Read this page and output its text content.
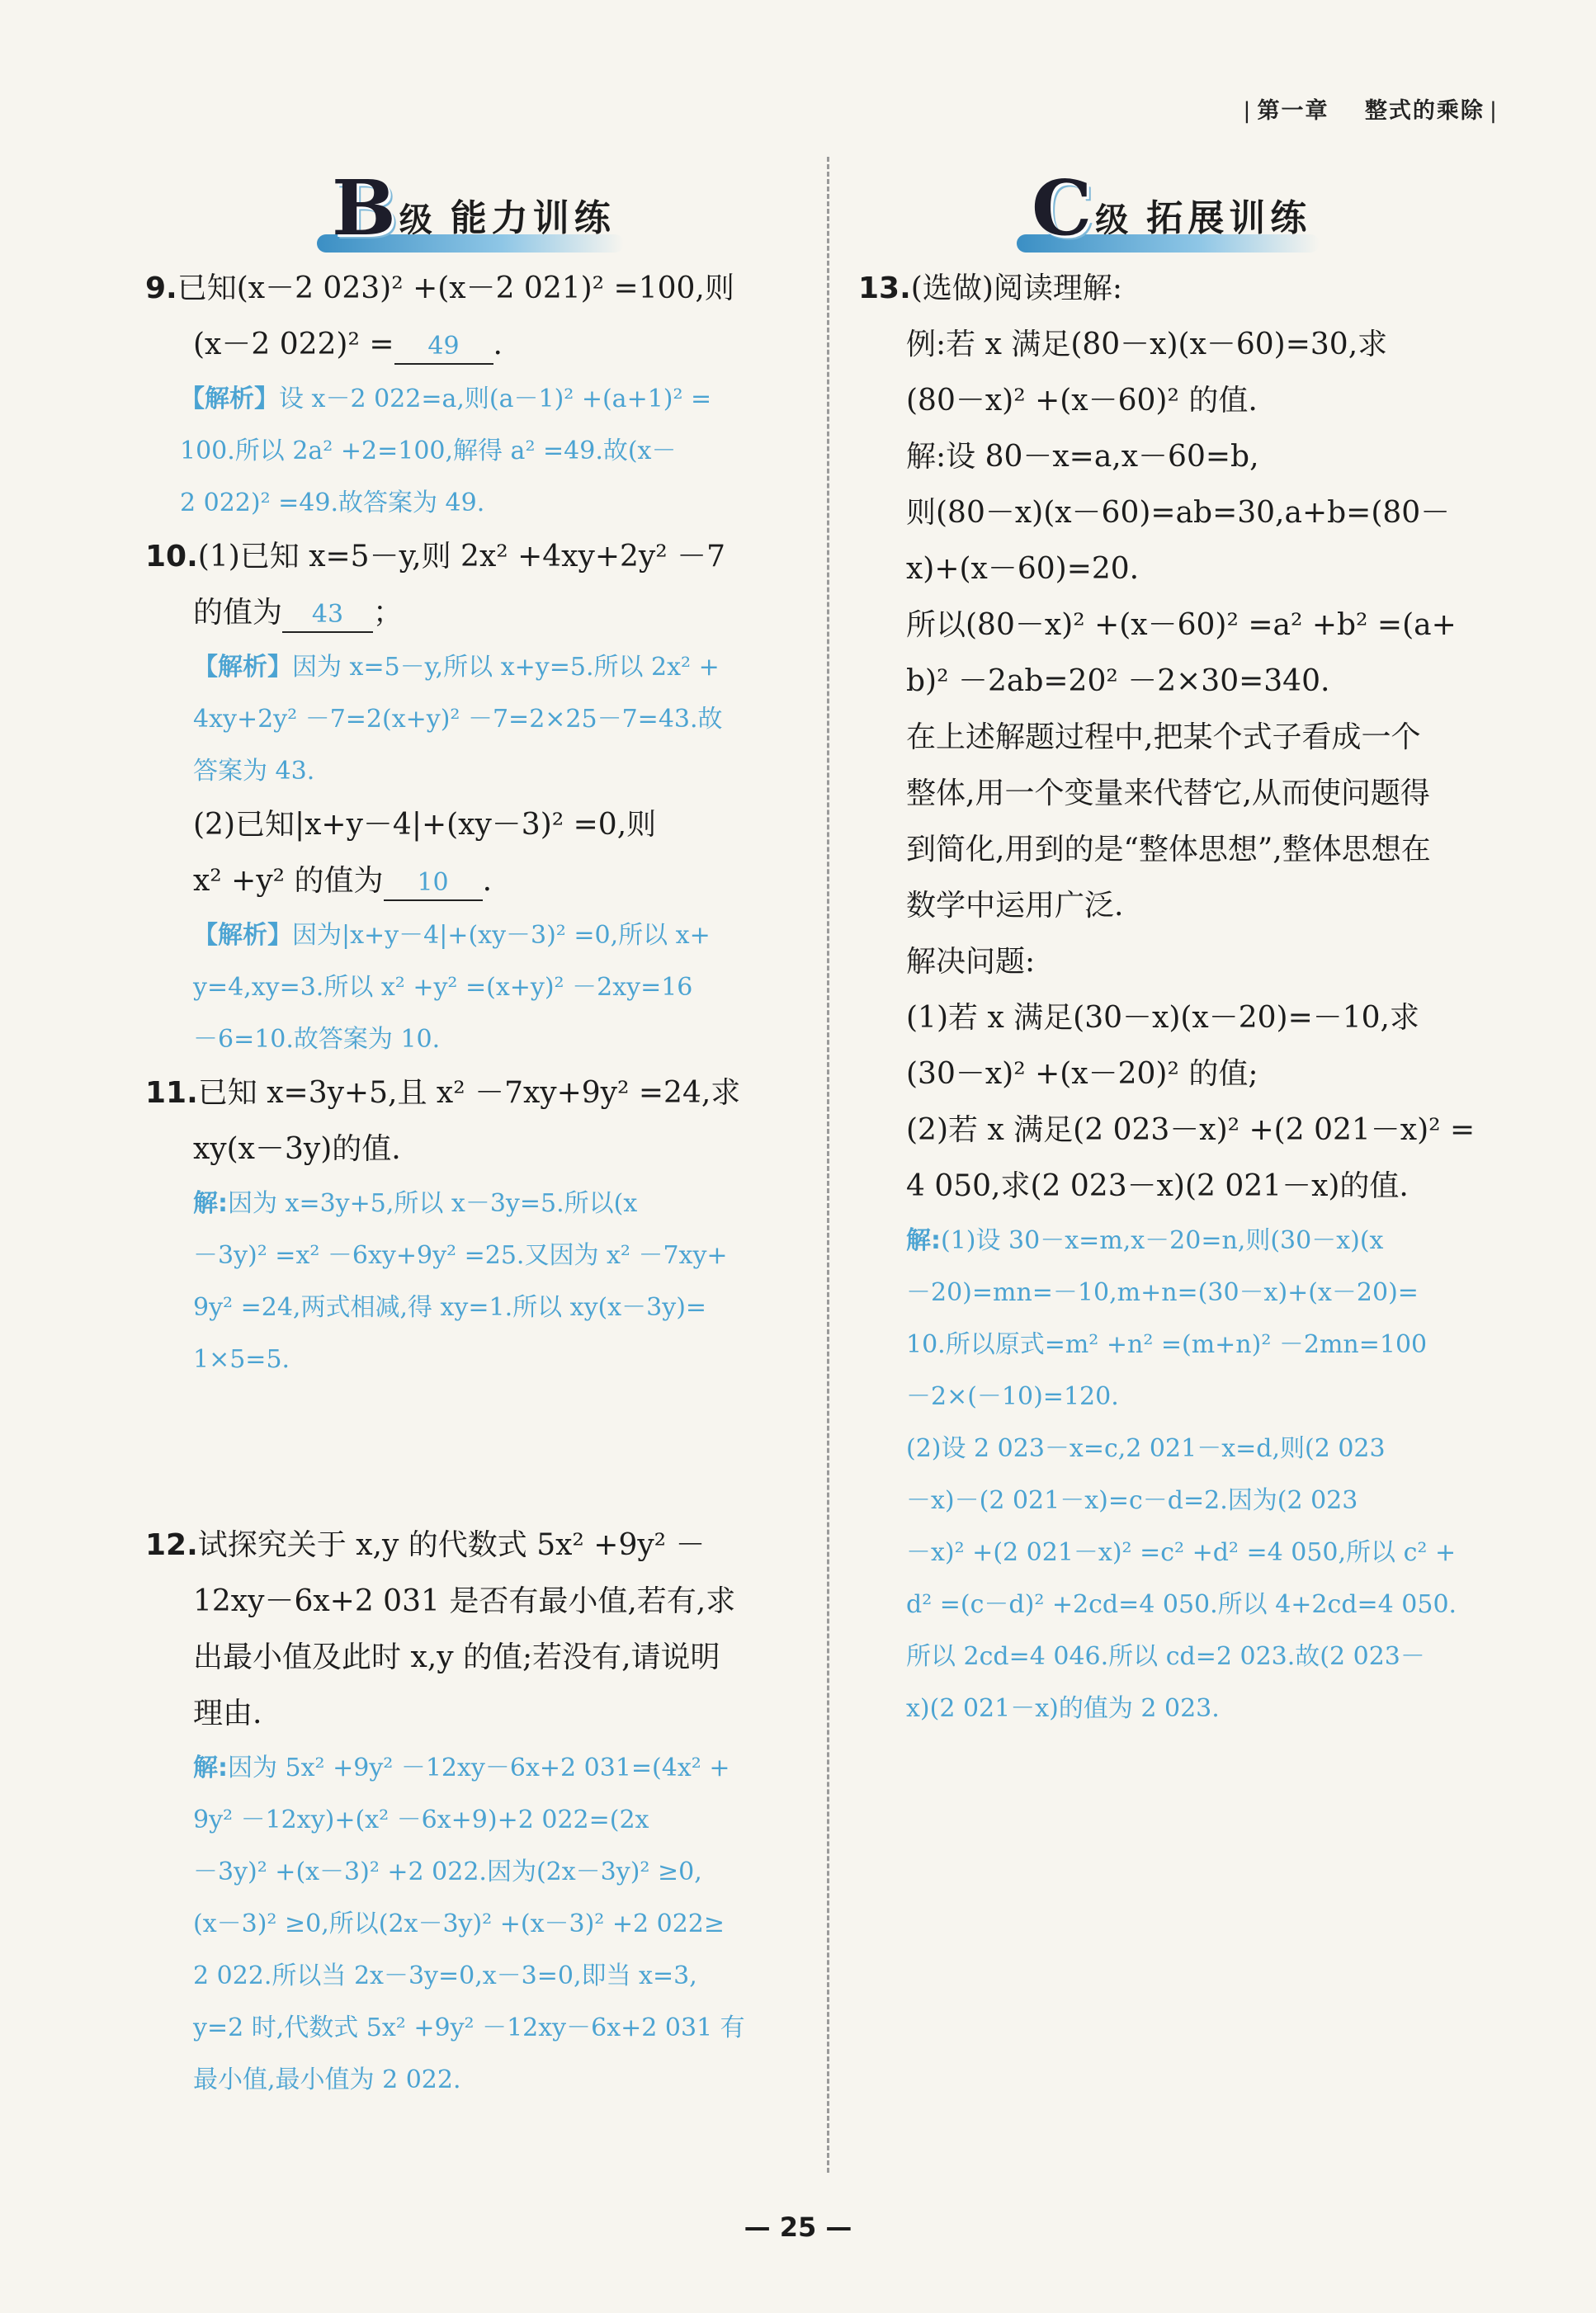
| 第一章 整式的乘除 |
B 级 能力训练	C 级 拓展训练

9.已知(x－2 023)² +(x－2 021)² =100,则

(x－2 022)² = 49 .

【解析】设 x－2 022=a,则(a－1)² +(a+1)² =
100.所以 2a² +2=100,解得 a² =49.故(x－
2 022)² =49.故答案为 49.

10.(1)已知 x=5－y,则 2x² +4xy+2y² －7

的值为 43 ；

【解析】因为 x=5－y,所以 x+y=5.所以 2x² +
4xy+2y² －7=2(x+y)² －7=2×25－7=43.故
答案为 43.

(2)已知|x+y－4|+(xy－3)² =0,则

x² +y² 的值为 10 .

【解析】因为|x+y－4|+(xy－3)² =0,所以 x+
y=4,xy=3.所以 x² +y² =(x+y)² －2xy=16
－6=10.故答案为 10.

11.已知 x=3y+5,且 x² －7xy+9y² =24,求

xy(x－3y)的值.

解:因为 x=3y+5,所以 x－3y=5.所以(x
－3y)² =x² －6xy+9y² =25.又因为 x² －7xy+
9y² =24,两式相减,得 xy=1.所以 xy(x－3y)=
1×5=5.

12.试探究关于 x,y 的代数式 5x² +9y² －

12xy－6x+2 031 是否有最小值,若有,求

出最小值及此时 x,y 的值;若没有,请说明

理由.

解:因为 5x² +9y² －12xy－6x+2 031=(4x² +
9y² －12xy)+(x² －6x+9)+2 022=(2x
－3y)² +(x－3)² +2 022.因为(2x－3y)² ≥0,
(x－3)² ≥0,所以(2x－3y)² +(x－3)² +2 022≥
2 022.所以当 2x－3y=0,x－3=0,即当 x=3,
y=2 时,代数式 5x² +9y² －12xy－6x+2 031 有
最小值,最小值为 2 022.

13.(选做)阅读理解:

例:若 x 满足(80－x)(x－60)=30,求

(80－x)² +(x－60)² 的值.

解:设 80－x=a,x－60=b,

则(80－x)(x－60)=ab=30,a+b=(80－

x)+(x－60)=20.

所以(80－x)² +(x－60)² =a² +b² =(a+

b)² －2ab=20² －2×30=340.

在上述解题过程中,把某个式子看成一个

整体,用一个变量来代替它,从而使问题得

到简化,用到的是“整体思想”,整体思想在

数学中运用广泛.

解决问题:

(1)若 x 满足(30－x)(x－20)=－10,求

(30－x)² +(x－20)² 的值;

(2)若 x 满足(2 023－x)² +(2 021－x)² =

4 050,求(2 023－x)(2 021－x)的值.

解:(1)设 30－x=m,x－20=n,则(30－x)(x
－20)=mn=－10,m+n=(30－x)+(x－20)=
10.所以原式=m² +n² =(m+n)² －2mn=100
－2×(－10)=120.
(2)设 2 023－x=c,2 021－x=d,则(2 023
－x)－(2 021－x)=c－d=2.因为(2 023
－x)² +(2 021－x)² =c² +d² =4 050,所以 c² +
d² =(c－d)² +2cd=4 050.所以 4+2cd=4 050.
所以 2cd=4 046.所以 cd=2 023.故(2 023－
x)(2 021－x)的值为 2 023.
— 25 —
